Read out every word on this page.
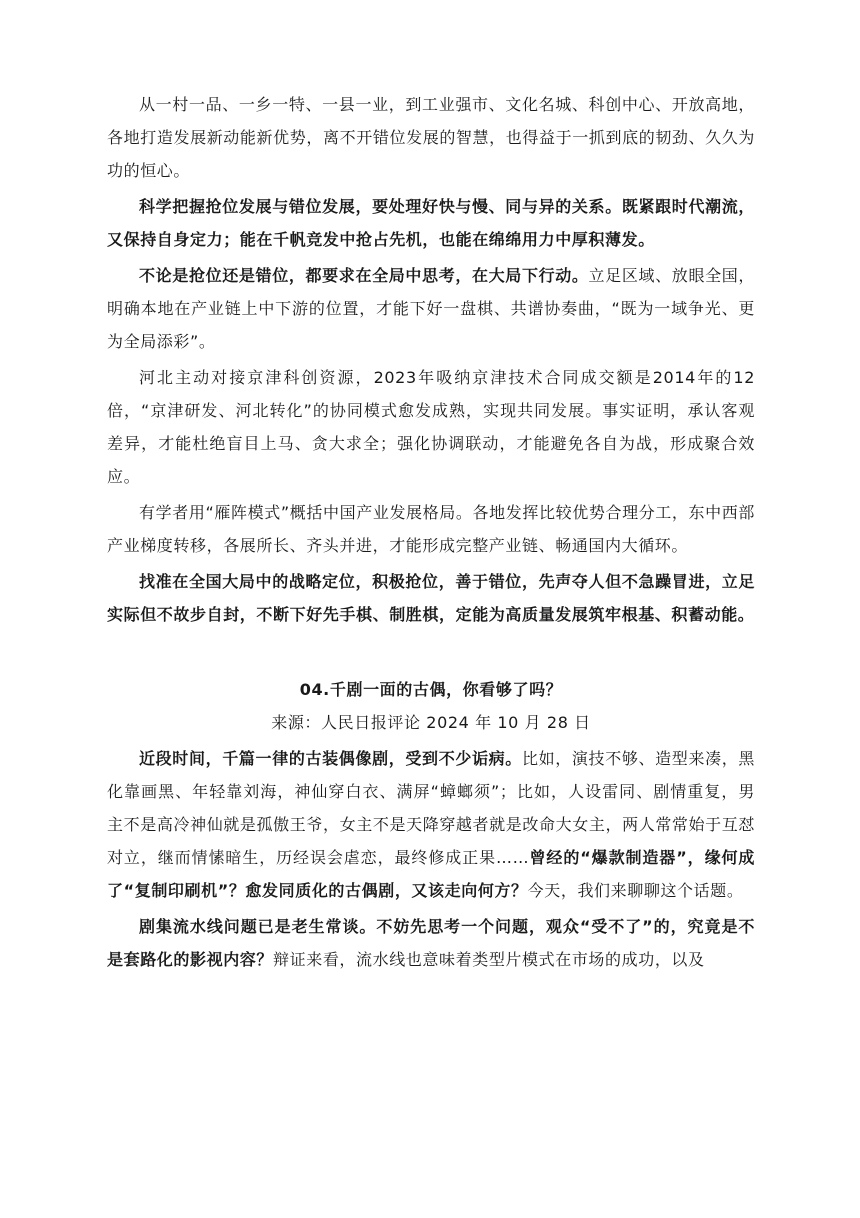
从一村一品、一乡一特、一县一业，到工业强市、文化名城、科创中心、开放高地，各地打造发展新动能新优势，离不开错位发展的智慧，也得益于一抓到底的韧劲、久久为功的恒心。

科学把握抢位发展与错位发展，要处理好快与慢、同与异的关系。既紧跟时代潮流，又保持自身定力；能在千帆竞发中抢占先机，也能在绵绵用力中厚积薄发。

不论是抢位还是错位，都要求在全局中思考，在大局下行动。立足区域、放眼全国，明确本地在产业链上中下游的位置，才能下好一盘棋、共谱协奏曲，“既为一域争光、更为全局添彩”。

河北主动对接京津科创资源，2023年吸纳京津技术合同成交额是2014年的12倍，“京津研发、河北转化”的协同模式愈发成熟，实现共同发展。事实证明，承认客观差异，才能杜绝盲目上马、贪大求全；强化协调联动，才能避免各自为战，形成聚合效应。

有学者用“雁阵模式”概括中国产业发展格局。各地发挥比较优势合理分工，东中西部产业梯度转移，各展所长、齐头并进，才能形成完整产业链、畅通国内大循环。

找准在全国大局中的战略定位，积极抢位，善于错位，先声夺人但不急躁冒进，立足实际但不故步自封，不断下好先手棋、制胜棋，定能为高质量发展筑牢根基、积蓄动能。

04.千剧一面的古偶，你看够了吗？

来源：人民日报评论 2024 年 10 月 28 日

近段时间，千篇一律的古装偶像剧，受到不少诟病。比如，演技不够、造型来凑，黑化靠画黑、年轻靠刘海，神仙穿白衣、满屏“蟑螂须”；比如，人设雷同、剧情重复，男主不是高冷神仙就是孤傲王爷，女主不是天降穿越者就是改命大女主，两人常常始于互怼对立，继而情愫暗生，历经误会虐恋，最终修成正果……曾经的“爆款制造器”，缘何成了“复制印刷机”？愈发同质化的古偶剧，又该走向何方？今天，我们来聊聊这个话题。

剧集流水线问题已是老生常谈。不妨先思考一个问题，观众“受不了”的，究竟是不是套路化的影视内容？辩证来看，流水线也意味着类型片模式在市场的成功，以及
